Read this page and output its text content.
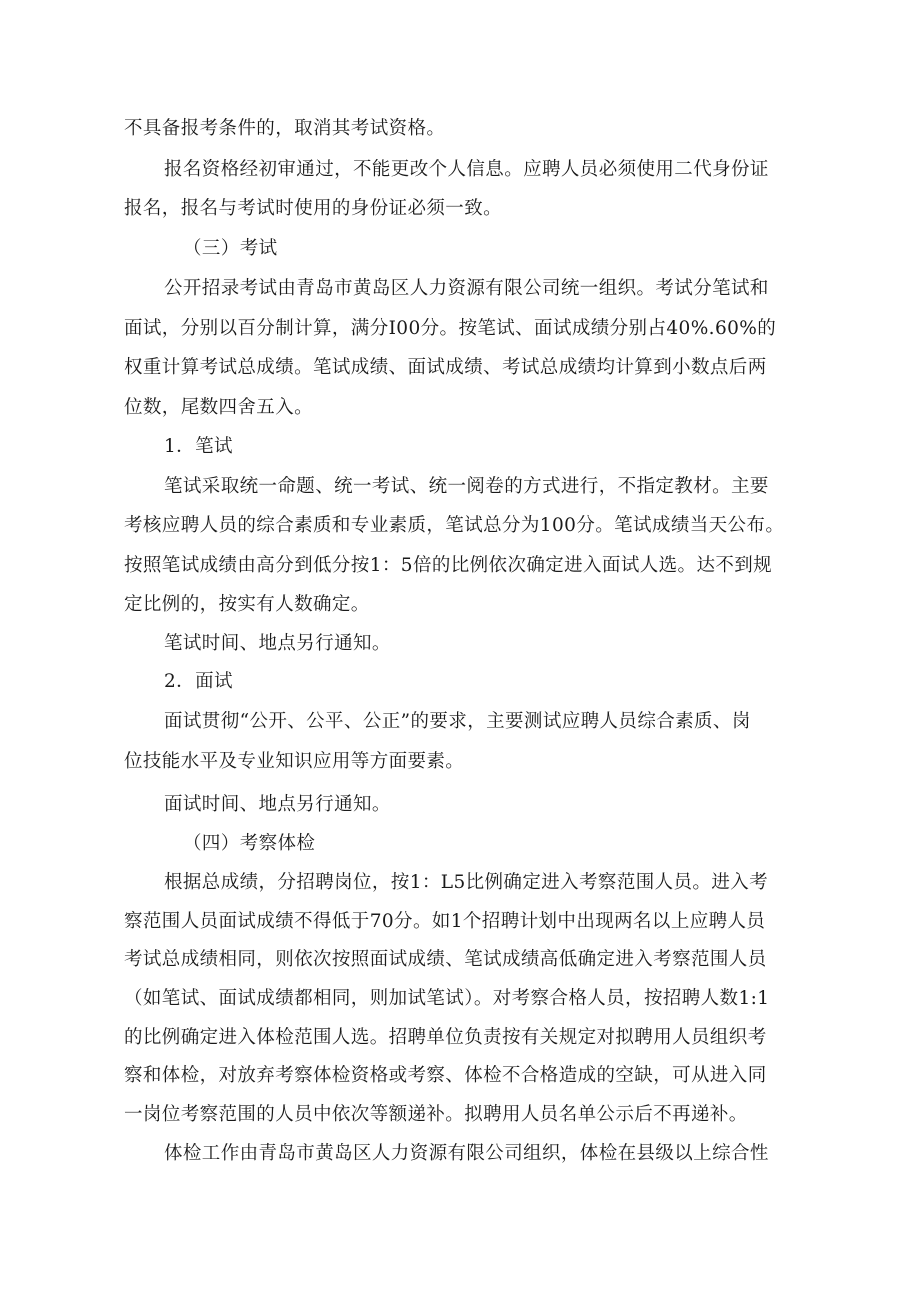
不具备报考条件的，取消其考试资格。
报名资格经初审通过，不能更改个人信息。应聘人员必须使用二代身份证
报名，报名与考试时使用的身份证必须一致。
（三）考试
公开招录考试由青岛市黄岛区人力资源有限公司统一组织。考试分笔试和
面试，分别以百分制计算，满分I00分。按笔试、面试成绩分别占40%.60%的
权重计算考试总成绩。笔试成绩、面试成绩、考试总成绩均计算到小数点后两
位数，尾数四舍五入。
1．笔试
笔试采取统一命题、统一考试、统一阅卷的方式进行，不指定教材。主要
考核应聘人员的综合素质和专业素质，笔试总分为100分。笔试成绩当天公布。
按照笔试成绩由高分到低分按1：5倍的比例依次确定进入面试人选。达不到规
定比例的，按实有人数确定。
笔试时间、地点另行通知。
2．面试
面试贯彻“公开、公平、公正”的要求，主要测试应聘人员综合素质、岗
位技能水平及专业知识应用等方面要素。
面试时间、地点另行通知。
（四）考察体检
根据总成绩，分招聘岗位，按1：L5比例确定进入考察范围人员。进入考
察范围人员面试成绩不得低于70分。如1个招聘计划中出现两名以上应聘人员
考试总成绩相同，则依次按照面试成绩、笔试成绩高低确定进入考察范围人员
（如笔试、面试成绩都相同，则加试笔试）。对考察合格人员，按招聘人数1:1
的比例确定进入体检范围人选。招聘单位负责按有关规定对拟聘用人员组织考
察和体检，对放弃考察体检资格或考察、体检不合格造成的空缺，可从进入同
一岗位考察范围的人员中依次等额递补。拟聘用人员名单公示后不再递补。
体检工作由青岛市黄岛区人力资源有限公司组织，体检在县级以上综合性
